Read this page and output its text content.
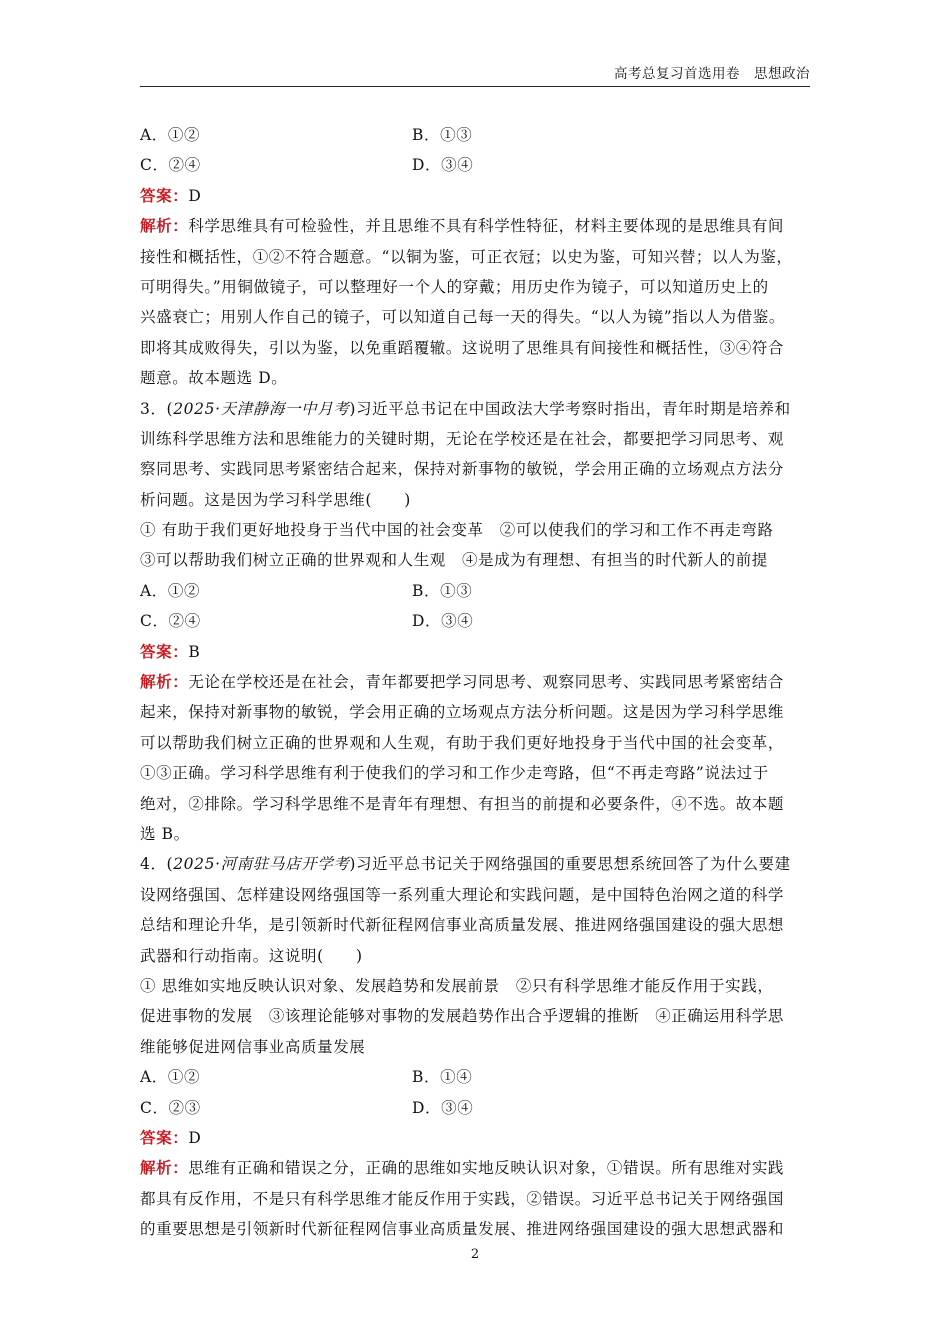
高考总复习首选用卷　思想政治
A．①②	B．①③
C．②④	D．③④
答案：D
解析：科学思维具有可检验性，并且思维不具有科学性特征，材料主要体现的是思维具有间
接性和概括性，①②不符合题意。“以铜为鉴，可正衣冠；以史为鉴，可知兴替；以人为鉴，
可明得失。”用铜做镜子，可以整理好一个人的穿戴；用历史作为镜子，可以知道历史上的
兴盛衰亡；用别人作自己的镜子，可以知道自己每一天的得失。“以人为镜”指以人为借鉴。
即将其成败得失，引以为鉴，以免重蹈覆辙。这说明了思维具有间接性和概括性，③④符合
题意。故本题选 D。
3．(2025·天津静海一中月考)习近平总书记在中国政法大学考察时指出，青年时期是培养和
训练科学思维方法和思维能力的关键时期，无论在学校还是在社会，都要把学习同思考、观
察同思考、实践同思考紧密结合起来，保持对新事物的敏锐，学会用正确的立场观点方法分
析问题。这是因为学习科学思维(　　)
① 有助于我们更好地投身于当代中国的社会变革　②可以使我们的学习和工作不再走弯路
③可以帮助我们树立正确的世界观和人生观　④是成为有理想、有担当的时代新人的前提
A．①②	B．①③
C．②④	D．③④
答案：B
解析：无论在学校还是在社会，青年都要把学习同思考、观察同思考、实践同思考紧密结合
起来，保持对新事物的敏锐，学会用正确的立场观点方法分析问题。这是因为学习科学思维
可以帮助我们树立正确的世界观和人生观，有助于我们更好地投身于当代中国的社会变革，
①③正确。学习科学思维有利于使我们的学习和工作少走弯路，但“不再走弯路”说法过于
绝对，②排除。学习科学思维不是青年有理想、有担当的前提和必要条件，④不选。故本题
选 B。
4．(2025·河南驻马店开学考)习近平总书记关于网络强国的重要思想系统回答了为什么要建
设网络强国、怎样建设网络强国等一系列重大理论和实践问题，是中国特色治网之道的科学
总结和理论升华，是引领新时代新征程网信事业高质量发展、推进网络强国建设的强大思想
武器和行动指南。这说明(　　)
① 思维如实地反映认识对象、发展趋势和发展前景　②只有科学思维才能反作用于实践，
促进事物的发展　③该理论能够对事物的发展趋势作出合乎逻辑的推断　④正确运用科学思
维能够促进网信事业高质量发展
A．①②	B．①④
C．②③	D．③④
答案：D
解析：思维有正确和错误之分，正确的思维如实地反映认识对象，①错误。所有思维对实践
都具有反作用，不是只有科学思维才能反作用于实践，②错误。习近平总书记关于网络强国
的重要思想是引领新时代新征程网信事业高质量发展、推进网络强国建设的强大思想武器和
2
